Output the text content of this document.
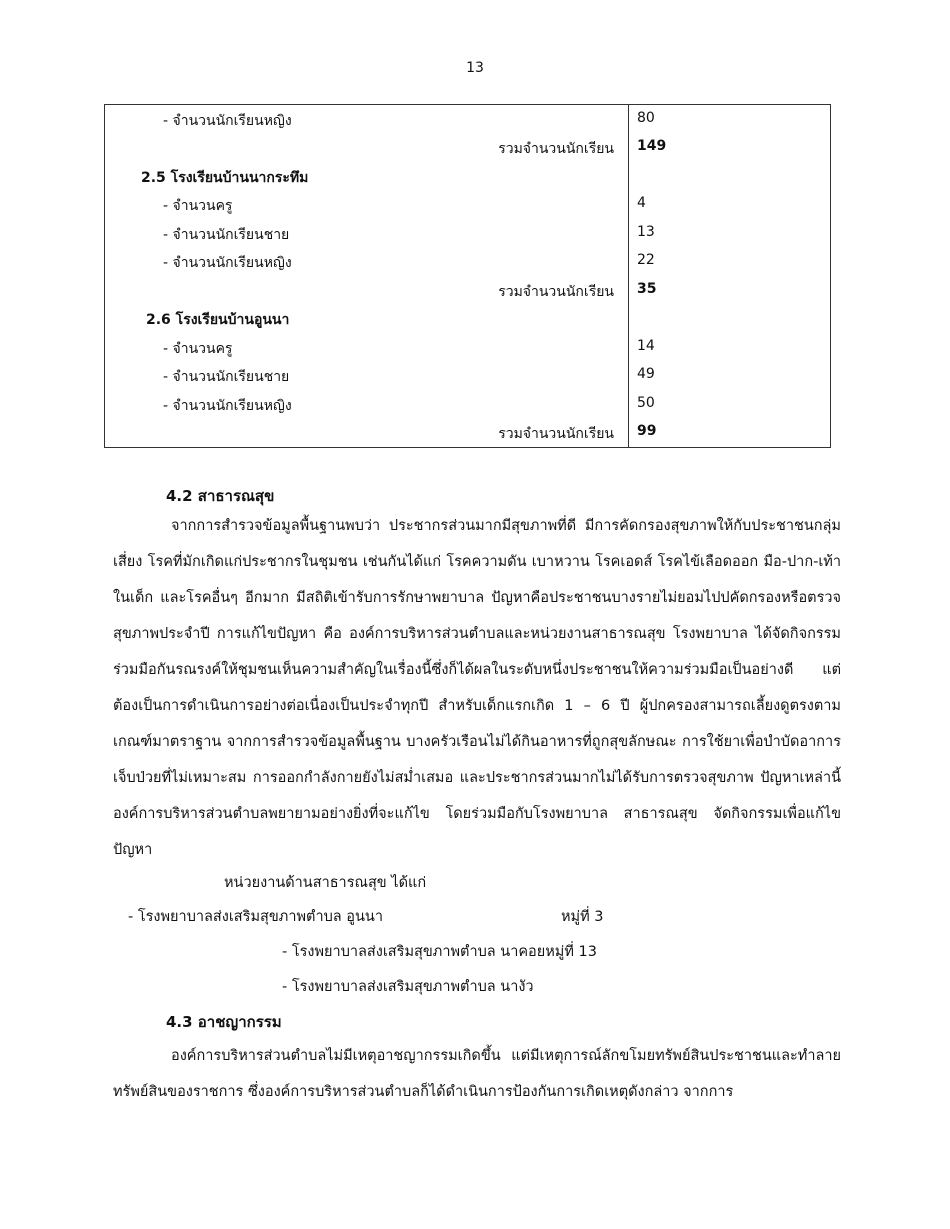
13
- จำนวนนักเรียนหญิง	80
รวมจำนวนนักเรียน 149
2.5 โรงเรียนบ้านนากระทึม
- จำนวนครู	4
- จำนวนนักเรียนชาย	13
- จำนวนนักเรียนหญิง	22
รวมจำนวนนักเรียน 35
2.6 โรงเรียนบ้านอูนนา
- จำนวนครู	14
- จำนวนนักเรียนชาย	49
- จำนวนนักเรียนหญิง	50
รวมจำนวนนักเรียน 99
4.2 สาธารณสุข

จากการสำรวจข้อมูลพื้นฐานพบว่า ประชากรส่วนมากมีสุขภาพที่ดี มีการคัดกรองสุขภาพให้กับประชาชนกลุ่มเสี่ยง โรคที่มักเกิดแก่ประชากรในชุมชน เช่นกันได้แก่ โรคความดัน เบาหวาน โรคเอดส์ โรคไข้เลือดออก มือ-ปาก-เท้าในเด็ก และโรคอื่นๆ อีกมาก มีสถิติเข้ารับการรักษาพยาบาล ปัญหาคือประชาชนบางรายไม่ยอมไปปคัดกรองหรือตรวจสุขภาพประจำปี การแก้ไขปัญหา คือ องค์การบริหารส่วนตำบลและหน่วยงานสาธารณสุข โรงพยาบาล ได้จัดกิจกรรมร่วมมือกันรณรงค์ให้ชุมชนเห็นความสำคัญในเรื่องนี้ซึ่งก็ได้ผลในระดับหนึ่งประชาชนให้ความร่วมมือเป็นอย่างดี แต่ต้องเป็นการดำเนินการอย่างต่อเนื่องเป็นประจำทุกปี สำหรับเด็กแรกเกิด 1 – 6 ปี ผู้ปกครองสามารถเลี้ยงดูตรงตามเกณฑ์มาตราฐาน จากการสำรวจข้อมูลพื้นฐาน บางครัวเรือนไม่ได้กินอาหารที่ถูกสุขลักษณะ การใช้ยาเพื่อบำบัดอาการเจ็บป่วยที่ไม่เหมาะสม การออกกำลังกายยังไม่สม่ำเสมอ และประชากรส่วนมากไม่ได้รับการตรวจสุขภาพ ปัญหาเหล่านี้องค์การบริหารส่วนตำบลพยายามอย่างยิ่งที่จะแก้ไข โดยร่วมมือกับโรงพยาบาล สาธารณสุข จัดกิจกรรมเพื่อแก้ไขปัญหา

หน่วยงานด้านสาธารณสุข ได้แก่
- โรงพยาบาลส่งเสริมสุขภาพตำบล อูนนา	หมู่ที่ 3
- โรงพยาบาลส่งเสริมสุขภาพตำบล นาคอยหมู่ที่ 13
- โรงพยาบาลส่งเสริมสุขภาพตำบล นางัว
4.3 อาชญากรรม

องค์การบริหารส่วนตำบลไม่มีเหตุอาชญากรรมเกิดขึ้น แต่มีเหตุการณ์ลักขโมยทรัพย์สินประชาชนและทำลายทรัพย์สินของราชการ ซึ่งองค์การบริหารส่วนตำบลก็ได้ดำเนินการป้องกันการเกิดเหตุดังกล่าว จากการ
